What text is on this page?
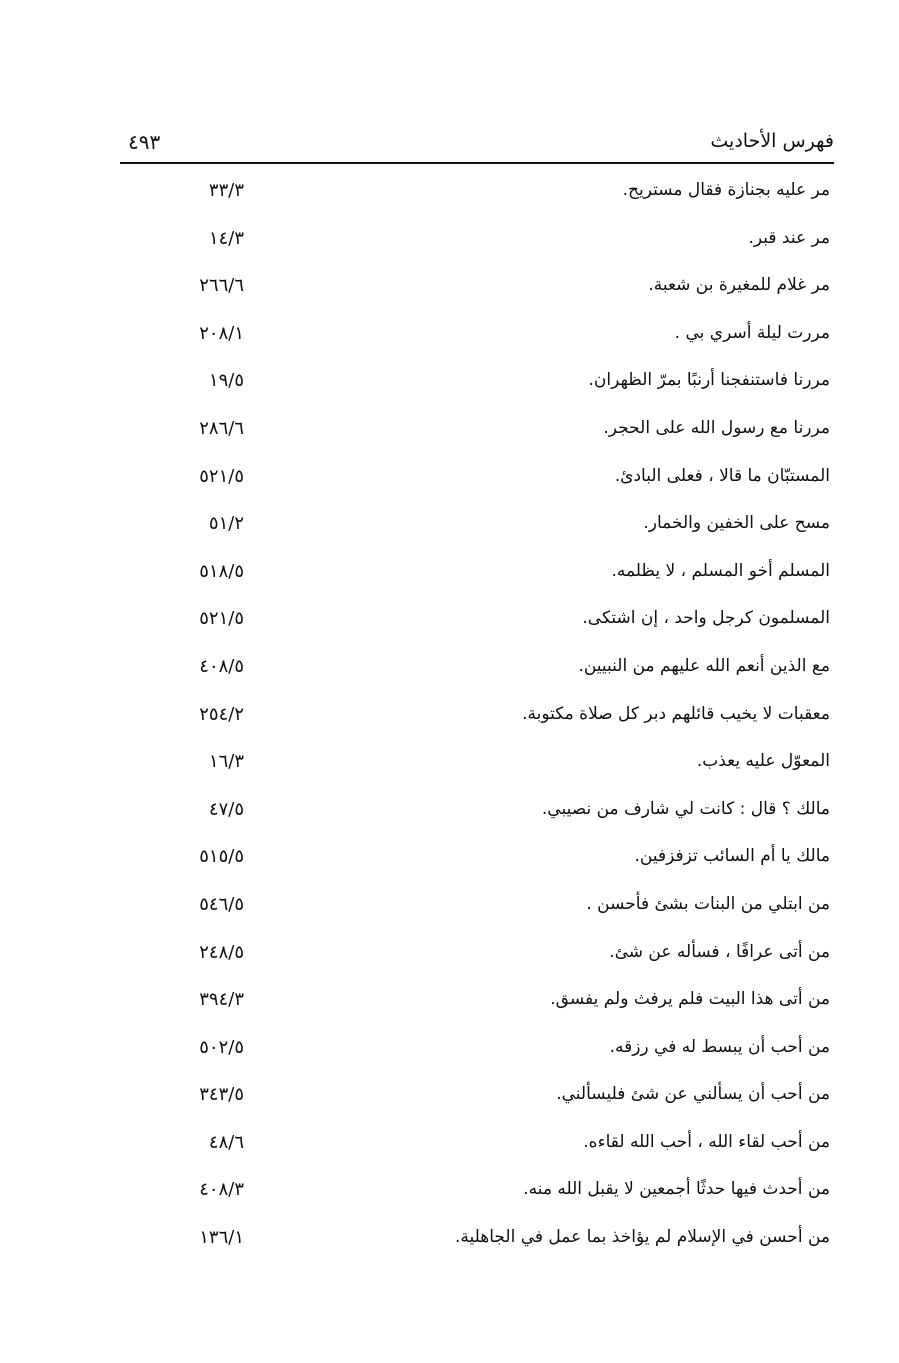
فهرس الأحاديث
٤٩٣
مر عليه بجنازة فقال مستريح.
٣٣/٣
مر عند قبر.
١٤/٣
مر غلام للمغيرة بن شعبة.
٢٦٦/٦
مررت ليلة أسري بي .
٢٠٨/١
مررنا فاستنفجنا أرنبًا بمرّ الظهران.
١٩/٥
مررنا مع رسول الله على الحجر.
٢٨٦/٦
المستبّان ما قالا ، فعلى البادئ.
٥٢١/٥
مسح على الخفين والخمار.
٥١/٢
المسلم أخو المسلم ، لا يظلمه.
٥١٨/٥
المسلمون كرجل واحد ، إن اشتكى.
٥٢١/٥
مع الذين أنعم الله عليهم من النبيين.
٤٠٨/٥
معقبات لا يخيب قائلهم دبر كل صلاة مكتوبة.
٢٥٤/٢
المعوّل عليه يعذب.
١٦/٣
مالك ؟ قال : كانت لي شارف من نصيبي.
٤٧/٥
مالك يا أم السائب تزفزفين.
٥١٥/٥
من ابتلي من البنات بشئ فأحسن .
٥٤٦/٥
من أتى عرافًا ، فسأله عن شئ.
٢٤٨/٥
من أتى هذا البيت فلم يرفث ولم يفسق.
٣٩٤/٣
من أحب أن يبسط له في رزقه.
٥٠٢/٥
من أحب أن يسألني عن شئ فليسألني.
٣٤٣/٥
من أحب لقاء الله ، أحب الله لقاءه.
٤٨/٦
من أحدث فيها حدثًا أجمعين لا يقبل الله منه.
٤٠٨/٣
من أحسن في الإسلام لم يؤاخذ بما عمل في الجاهلية.
١٣٦/١
